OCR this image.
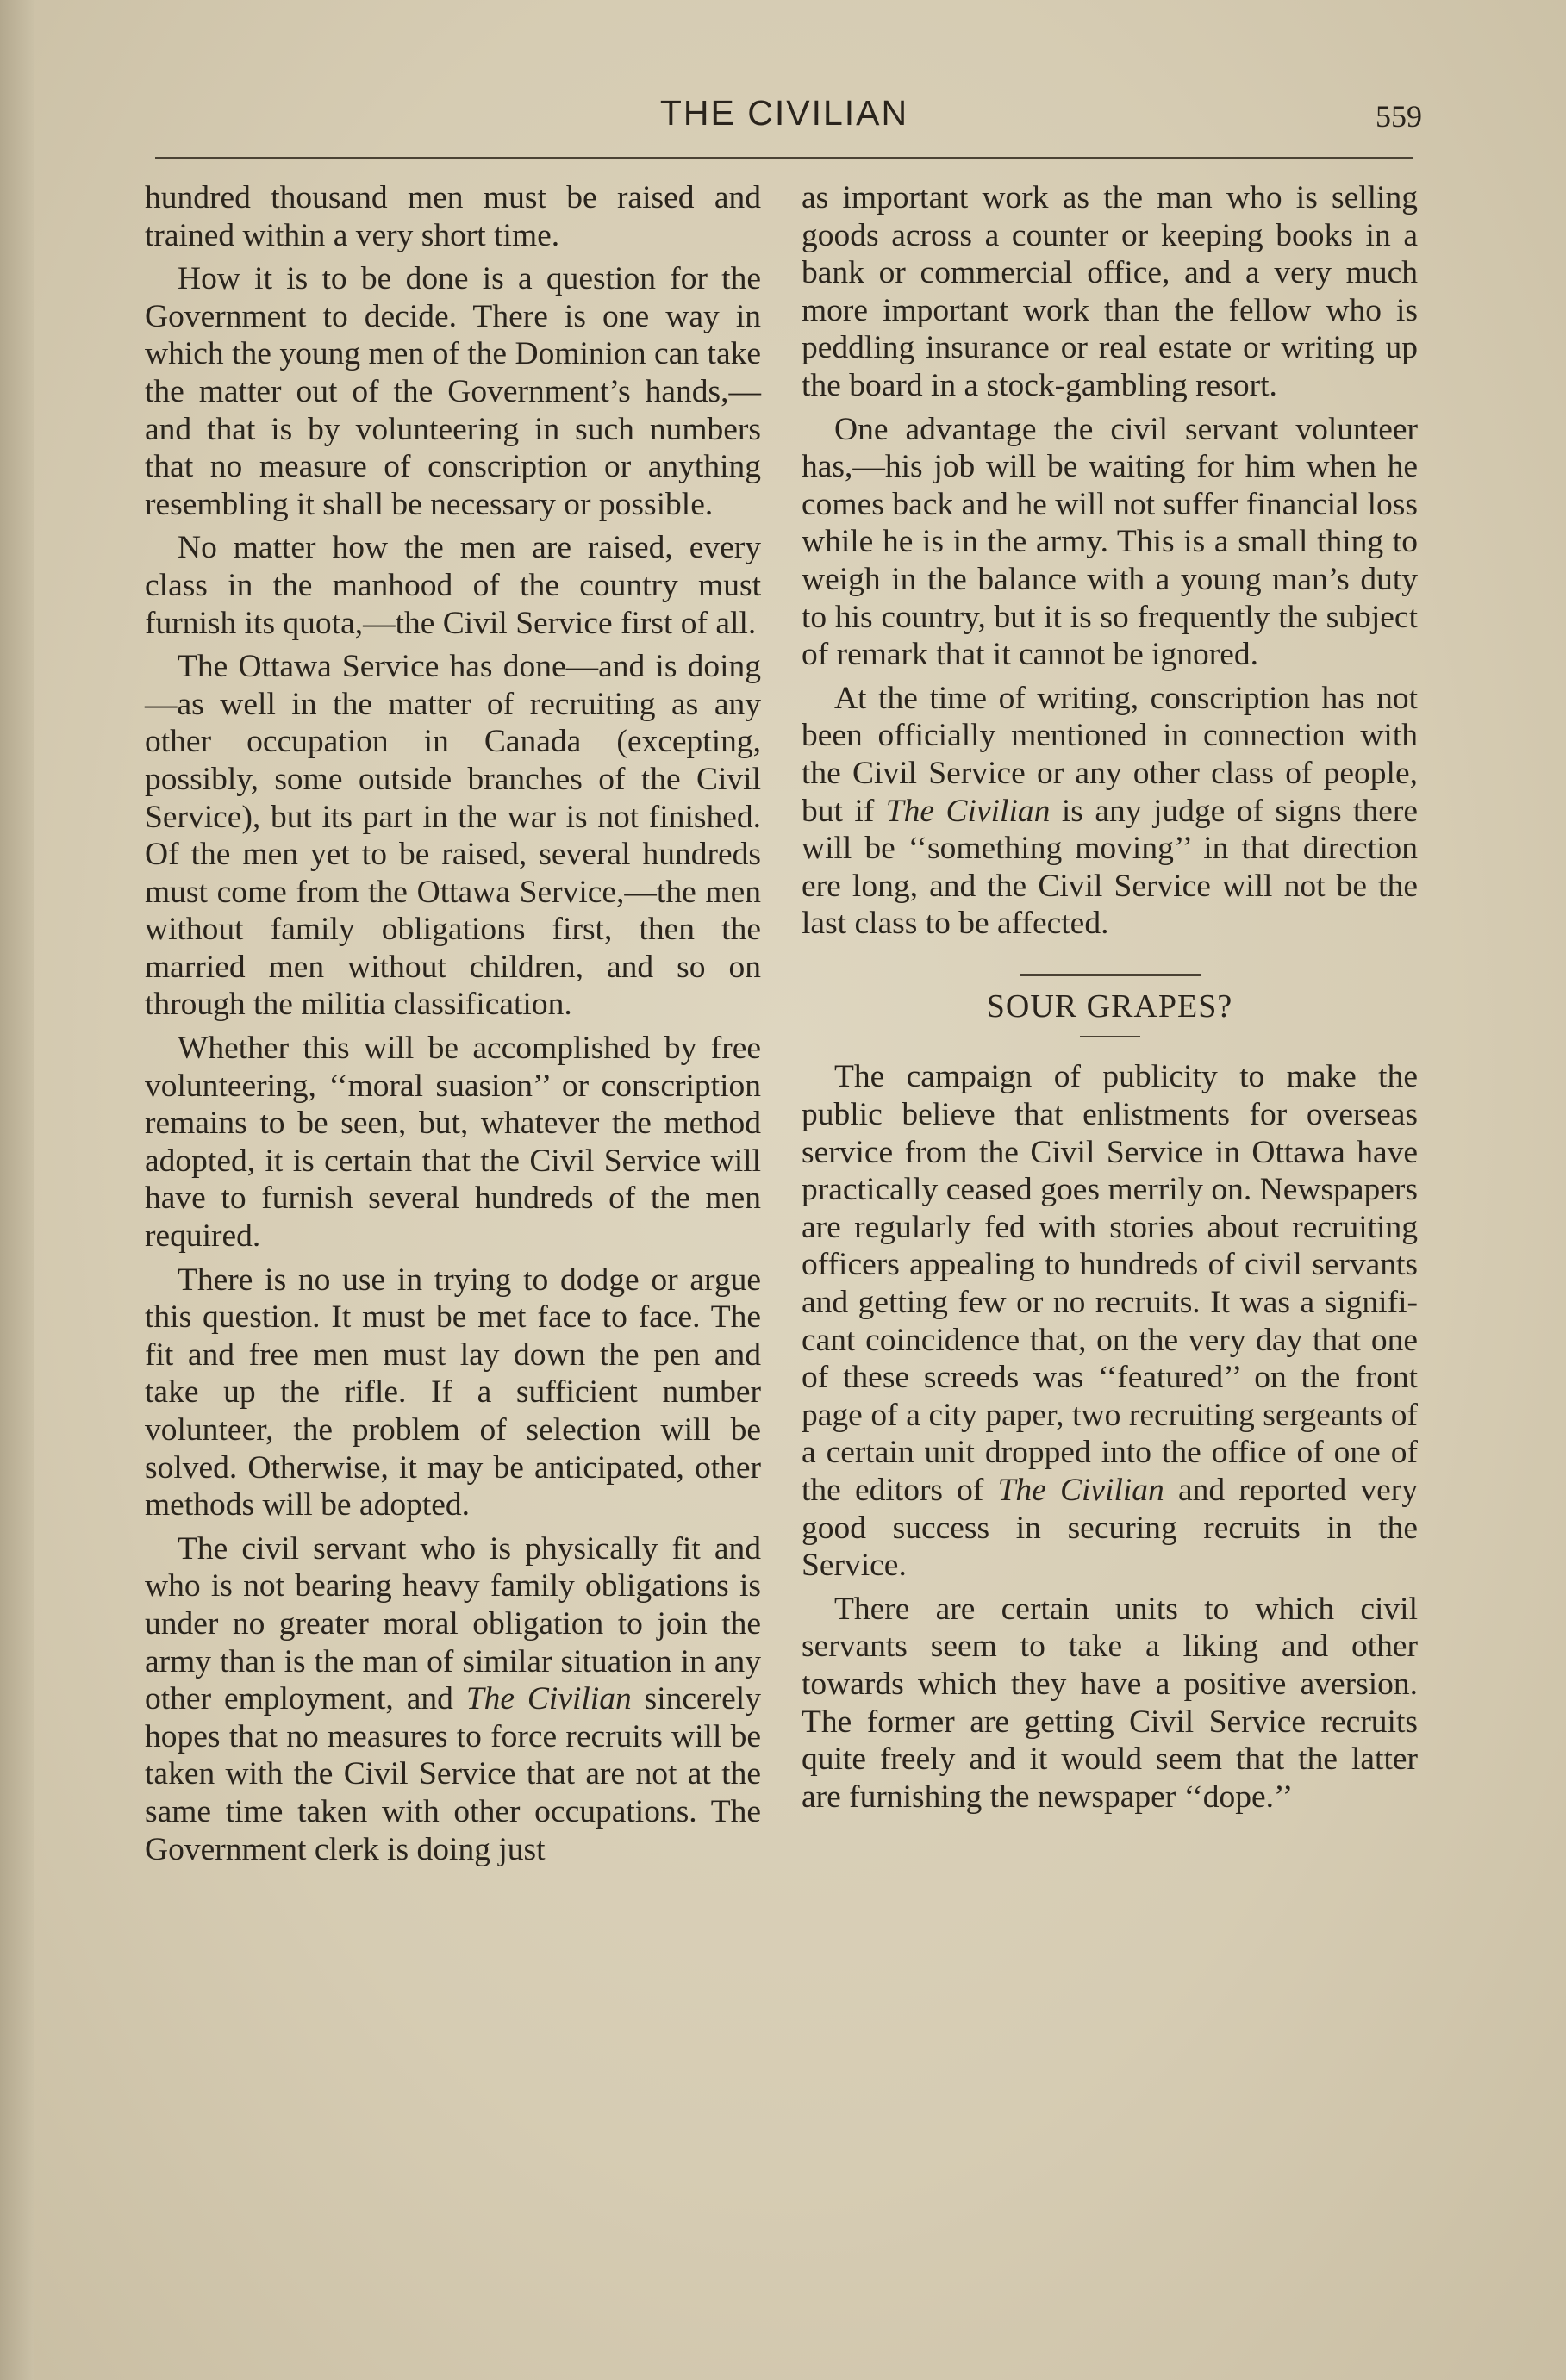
THE CIVILIAN	559

hundred thousand men must be raised and trained within a very short time.

How it is to be done is a question for the Government to decide. There is one way in which the young men of the Dominion can take the matter out of the Government’s hands,—and that is by volunteering in such numbers that no measure of conscription or anything resembling it shall be necessary or possible.

No matter how the men are raised, every class in the manhood of the country must furnish its quota,—the Civil Service first of all.

The Ottawa Service has done—and is doing—as well in the matter of recruiting as any other occupation in Canada (excepting, possibly, some outside branches of the Civil Service), but its part in the war is not finished. Of the men yet to be raised, several hundreds must come from the Ottawa Service,—the men without family obligations first, then the married men without children, and so on through the militia classification.

Whether this will be accomplished by free volunteering, ‘‘moral suasion’’ or conscription remains to be seen, but, whatever the method adopted, it is certain that the Civil Service will have to furnish several hundreds of the men required.

There is no use in trying to dodge or argue this question. It must be met face to face. The fit and free men must lay down the pen and take up the rifle. If a sufficient number volunteer, the problem of selection will be solved. Otherwise, it may be anticipated, other methods will be adopted.

The civil servant who is physically fit and who is not bearing heavy family obligations is under no greater moral obligation to join the army than is the man of similar situation in any other employment, and The Civilian sincerely hopes that no measures to force recruits will be taken with the Civil Service that are not at the same time taken with other occupations. The Government clerk is doing just

as important work as the man who is selling goods across a counter or keeping books in a bank or commercial office, and a very much more important work than the fellow who is peddling insurance or real estate or writing up the board in a stock-gambling resort.

One advantage the civil servant volunteer has,—his job will be waiting for him when he comes back and he will not suffer financial loss while he is in the army. This is a small thing to weigh in the balance with a young man’s duty to his country, but it is so frequently the subject of remark that it cannot be ignored.

At the time of writing, conscription has not been officially mentioned in connection with the Civil Service or any other class of people, but if The Civilian is any judge of signs there will be ‘‘something moving’’ in that direction ere long, and the Civil Service will not be the last class to be affected.

SOUR GRAPES?

The campaign of publicity to make the public believe that enlistments for overseas service from the Civil Service in Ottawa have practically ceased goes merrily on. Newspapers are regularly fed with stories about recruiting officers appealing to hundreds of civil servants and getting few or no recruits. It was a significant coincidence that, on the very day that one of these screeds was ‘‘featured’’ on the front page of a city paper, two recruiting sergeants of a certain unit dropped into the office of one of the editors of The Civilian and reported very good success in securing recruits in the Service.

There are certain units to which civil servants seem to take a liking and other towards which they have a positive aversion. The former are getting Civil Service recruits quite freely and it would seem that the latter are furnishing the newspaper ‘‘dope.’’
